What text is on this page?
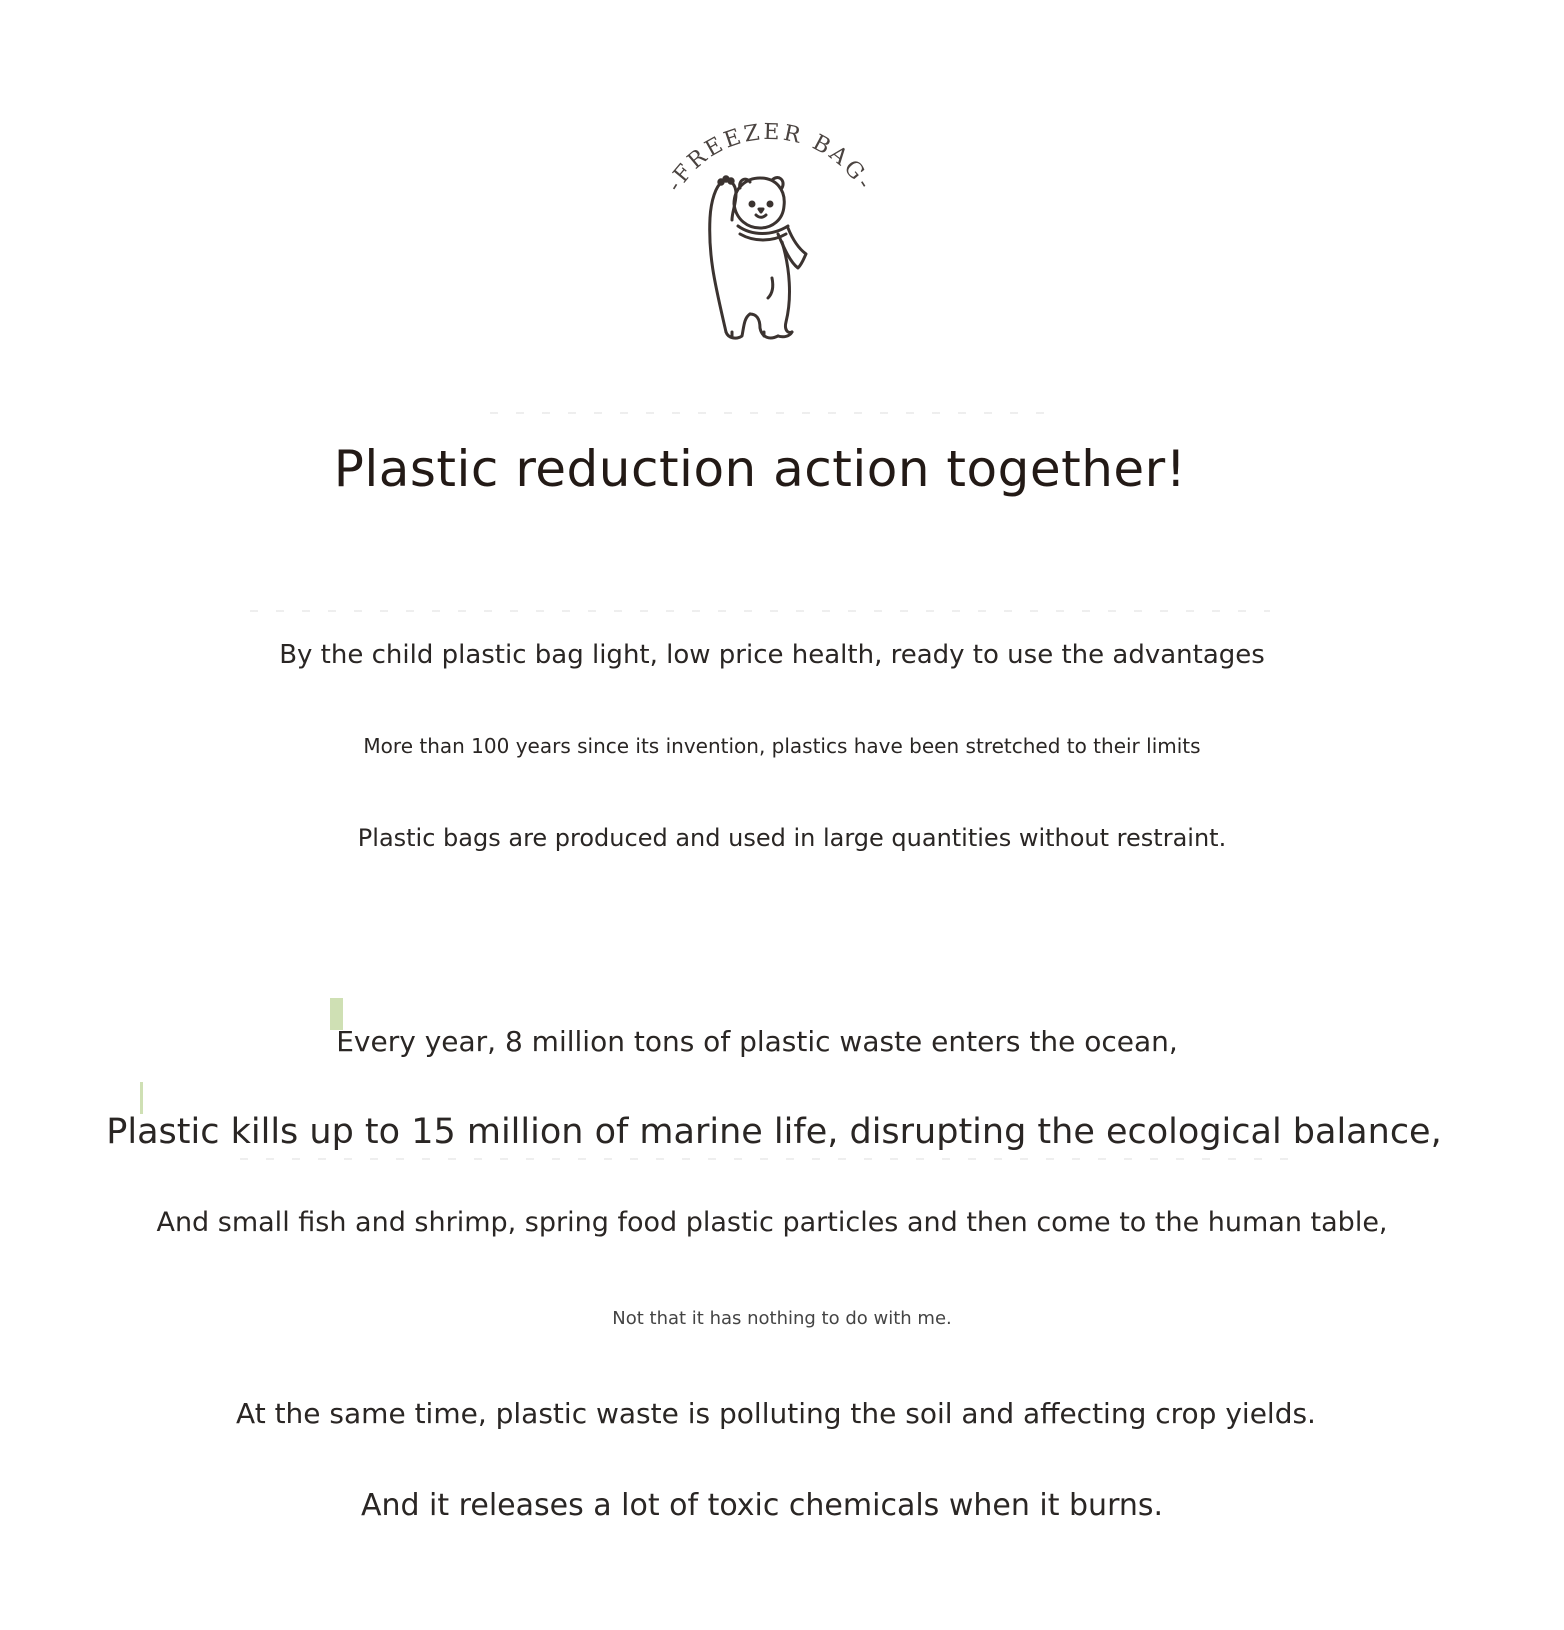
-FREEZER BAG-
Plastic reduction action together!

By the child plastic bag light, low price health, ready to use the advantages

More than 100 years since its invention, plastics have been stretched to their limits

Plastic bags are produced and used in large quantities without restraint.

Every year, 8 million tons of plastic waste enters the ocean,

Plastic kills up to 15 million of marine life, disrupting the ecological balance,

And small fish and shrimp, spring food plastic particles and then come to the human table,

Not that it has nothing to do with me.

At the same time, plastic waste is polluting the soil and affecting crop yields.

And it releases a lot of toxic chemicals when it burns.
